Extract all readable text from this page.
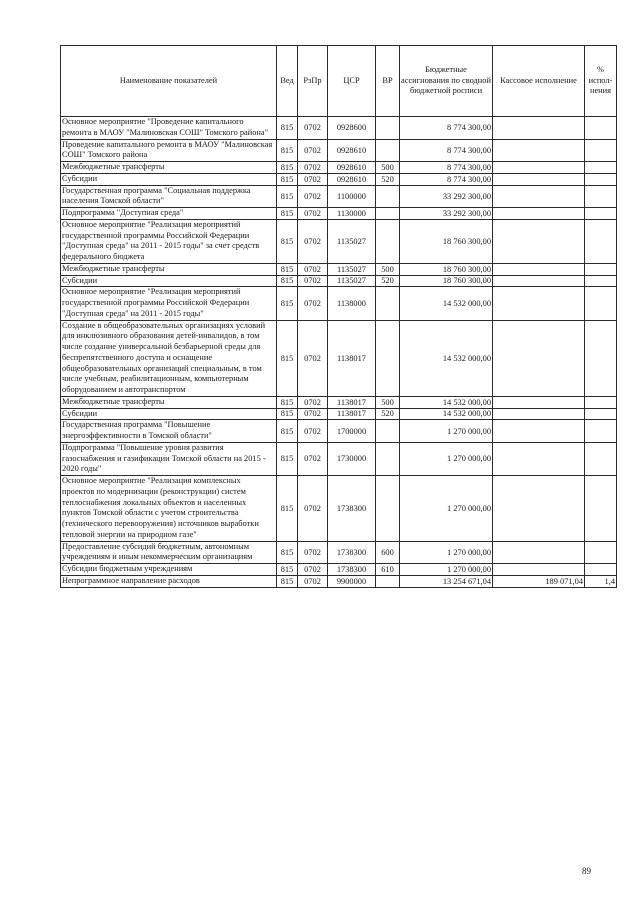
Наименование показателей	Вед	РзПр	ЦСР	ВР	Бюджетные ассигнования по сводной бюджетной росписи	Кассовое исполнение	% испол-нения
Основное мероприятие "Проведение капитального ремонта в МАОУ "Малиновская СОШ" Томского района"	815	0702	0928600		8 774 300,00		
Проведение капитального ремонта в МАОУ "Малиновская СОШ" Томского района	815	0702	0928610		8 774 300,00		
Межбюджетные трансферты	815	0702	0928610	500	8 774 300,00		
Субсидии	815	0702	0928610	520	8 774 300,00		
Государственная программа "Социальная поддержка населения Томской области"	815	0702	1100000		33 292 300,00		
Подпрограмма "Доступная среда"	815	0702	1130000		33 292 300,00		
Основное мероприятие "Реализация мероприятий государственной программы Российской Федерации "Доступная среда" на 2011 - 2015 годы" за счет средств федерального бюджета	815	0702	1135027		18 760 300,00		
Межбюджетные трансферты	815	0702	1135027	500	18 760 300,00		
Субсидии	815	0702	1135027	520	18 760 300,00		
Основное мероприятие "Реализация мероприятий государственной программы Российской Федерации "Доступная среда" на 2011 - 2015 годы"	815	0702	1138000		14 532 000,00		
Создание в общеобразовательных организациях условий для инклюзивного образования детей-инвалидов, в том числе создание универсальной безбарьерной среды для беспрепятственного доступа и оснащение общеобразовательных организаций специальным, в том числе учебным, реабилитационным, компьютерным оборудованием и автотранспортом	815	0702	1138017		14 532 000,00		
Межбюджетные трансферты	815	0702	1138017	500	14 532 000,00		
Субсидии	815	0702	1138017	520	14 532 000,00		
Государственная программа "Повышение энергоэффективности в Томской области"	815	0702	1700000		1 270 000,00		
Подпрограмма "Повышение уровня развития газоснабжения и газификации Томской области на 2015 - 2020 годы"	815	0702	1730000		1 270 000,00		
Основное мероприятие "Реализация комплексных проектов по модернизации (реконструкции) систем теплоснабжения локальных объектов и населенных пунктов Томской области с учетом строительства (технического перевооружения) источников выработки тепловой энергии на природном газе"	815	0702	1738300		1 270 000,00		
Предоставление субсидий бюджетным, автономным учреждениям и иным некоммерческим организациям	815	0702	1738300	600	1 270 000,00		
Субсидии бюджетным учреждениям	815	0702	1738300	610	1 270 000,00		
Непрограммное направление расходов	815	0702	9900000		13 254 671,04	189 071,04	1,4
89
